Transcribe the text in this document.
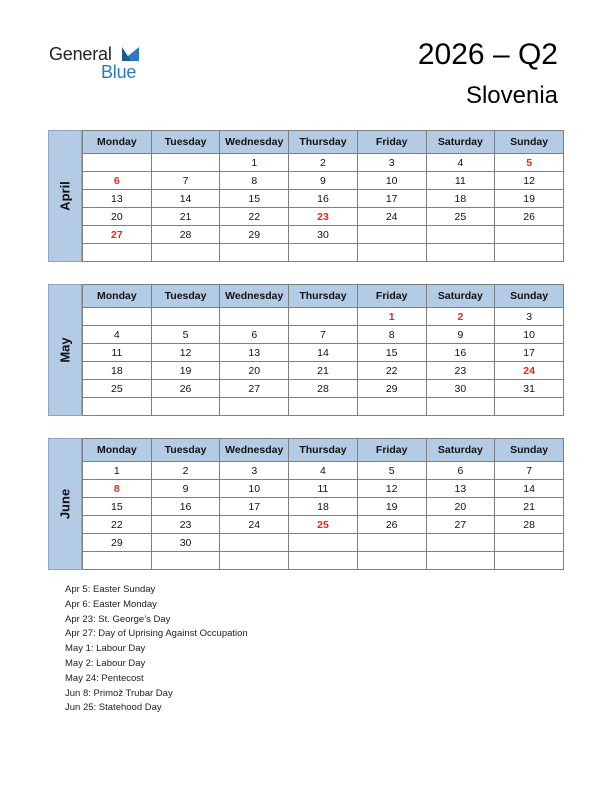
General
Blue
2026 – Q2
Slovenia
April
Monday	Tuesday	Wednesday	Thursday	Friday	Saturday	Sunday
		1	2	3	4	5
6	7	8	9	10	11	12
13	14	15	16	17	18	19
20	21	22	23	24	25	26
27	28	29	30			

May
Monday	Tuesday	Wednesday	Thursday	Friday	Saturday	Sunday
				1	2	3
4	5	6	7	8	9	10
11	12	13	14	15	16	17
18	19	20	21	22	23	24
25	26	27	28	29	30	31

June
Monday	Tuesday	Wednesday	Thursday	Friday	Saturday	Sunday
1	2	3	4	5	6	7
8	9	10	11	12	13	14
15	16	17	18	19	20	21
22	23	24	25	26	27	28
29	30					

Apr 5: Easter Sunday
Apr 6: Easter Monday
Apr 23: St. George’s Day
Apr 27: Day of Uprising Against Occupation
May 1: Labour Day
May 2: Labour Day
May 24: Pentecost
Jun 8: Primož Trubar Day
Jun 25: Statehood Day
